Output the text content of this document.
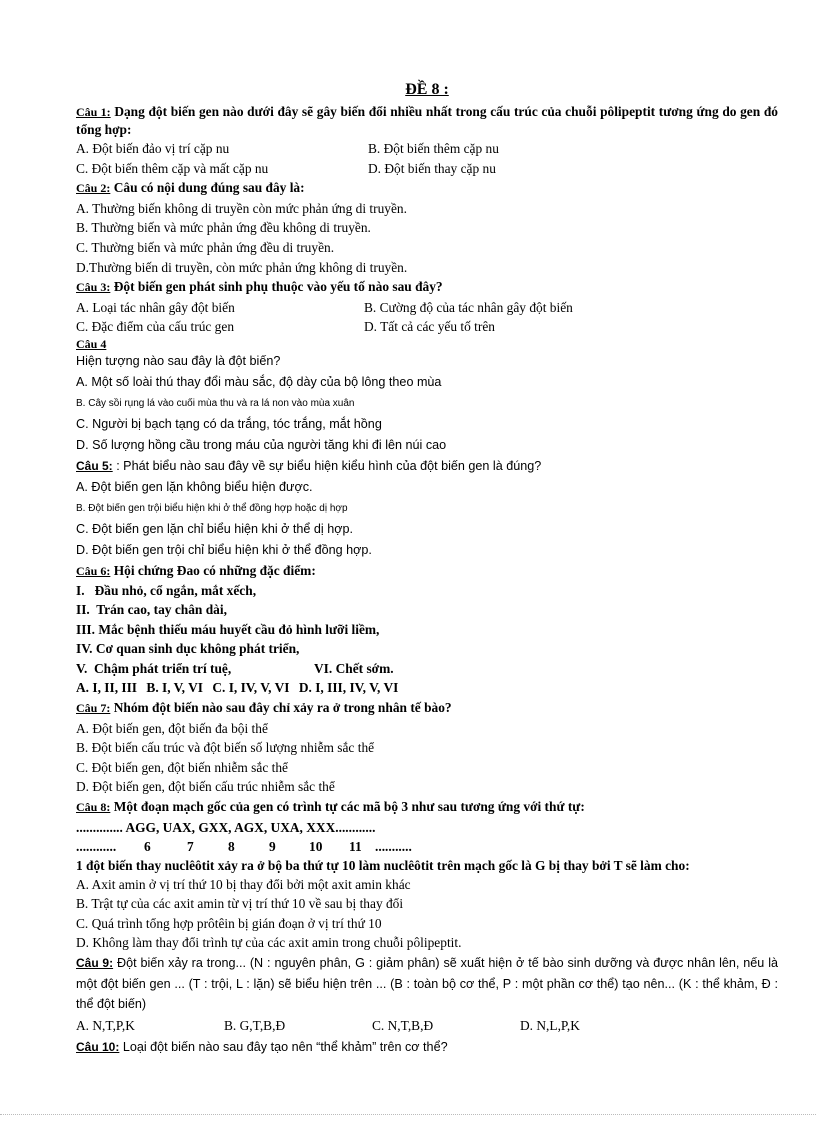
ĐỀ 8 :
Câu 1: Dạng đột biến gen nào dưới đây sẽ gây biến đổi nhiều nhất trong cấu trúc của chuỗi pôlipeptit tương ứng do gen đó tổng hợp:
A. Đột biến đảo vị trí cặp nu	B. Đột biến thêm cặp nu
C. Đột biến thêm cặp và mất cặp nu	D. Đột biến thay cặp nu
Câu 2: Câu có nội dung đúng sau đây là:
A. Thường biến không di truyền còn mức phản ứng di truyền.
B. Thường biến và mức phản ứng đều không di truyền.
C. Thường biến và mức phản ứng đều di truyền.
D.Thường biến di truyền, còn mức phản ứng không di truyền.
Câu 3: Đột biến gen phát sinh phụ thuộc vào yếu tố nào sau đây?
A. Loại tác nhân gây đột biến	B. Cường độ của tác nhân gây đột biến
C. Đặc điểm của cấu trúc gen	D. Tất cả các yếu tố trên
Câu 4
Hiện tượng nào sau đây là đột biến?
A. Một số loài thú thay đổi màu sắc, độ dày của bộ lông theo mùa
B. Cây sồi rụng lá vào cuối mùa thu và ra lá non vào mùa xuân
C. Người bị bạch tạng có da trắng, tóc trắng, mắt hồng
D. Số lượng hồng cầu trong máu của người tăng khi đi lên núi cao
Câu 5: : Phát biểu nào sau đây về sự biểu hiện kiểu hình của đột biến gen là đúng?
A. Đột biến gen lặn không biểu hiện được.
B. Đột biến gen trội biểu hiện khi ở thể đồng hợp hoặc dị hợp
C. Đột biến gen lặn chỉ biểu hiện khi ở thể dị hợp.
D. Đột biến gen trội chỉ biểu hiện khi ở thể đồng hợp.
Câu 6: Hội chứng Đao có những đặc điểm:
I.   Đầu nhỏ, cổ ngắn, mắt xếch,
II.  Trán cao, tay chân dài,
III. Mắc bệnh thiếu máu huyết cầu đỏ hình lưỡi liềm,
IV. Cơ quan sinh dục không phát triển,
V.  Chậm phát triển trí tuệ,	VI. Chết sớm.
A. I, II, III B. I, V, VI C. I, IV, V, VI D. I, III, IV, V, VI
Câu 7: Nhóm đột biến nào sau đây chỉ xảy ra ở trong nhân tế bào?
A. Đột biến gen, đột biến đa bội thể
B. Đột biến cấu trúc và đột biến số lượng nhiễm sắc thể
C. Đột biến gen, đột biến nhiễm sắc thể
D. Đột biến gen, đột biến cấu trúc nhiễm sắc thể
Câu 8: Một đoạn mạch gốc của gen có trình tự các mã bộ 3 như sau tương ứng với thứ tự:
.............. AGG, UAX, GXX, AGX, UXA, XXX............
............	6	7	8	9	10	11 ...........
1 đột biến thay nuclêôtit xảy ra ở bộ ba thứ tự 10 làm nuclêôtit trên mạch gốc là G bị thay bởi T sẽ làm cho:
A. Axit amin ở vị trí thứ 10 bị thay đổi bởi một axit amin khác
B. Trật tự của các axit amin từ vị trí thứ 10 về sau bị thay đổi
C. Quá trình tổng hợp prôtêin bị gián đoạn ở vị trí thứ 10
D. Không làm thay đổi trình tự của các axit amin trong chuỗi pôlipeptit.
Câu 9: Đột biến xảy ra trong... (N : nguyên phân, G : giảm phân) sẽ xuất hiện ở tế bào sinh dưỡng và được nhân lên, nếu là một đột biến gen ... (T : trội, L : lặn) sẽ biểu hiện trên ... (B : toàn bộ cơ thể, P : một phần cơ thể) tạo nên... (K : thể khảm, Đ : thể đột biến)
A. N,T,P,K	B. G,T,B,Đ	C. N,T,B,Đ	D. N,L,P,K
Câu 10: Loại đột biến nào sau đây tạo nên “thể khảm” trên cơ thể?
